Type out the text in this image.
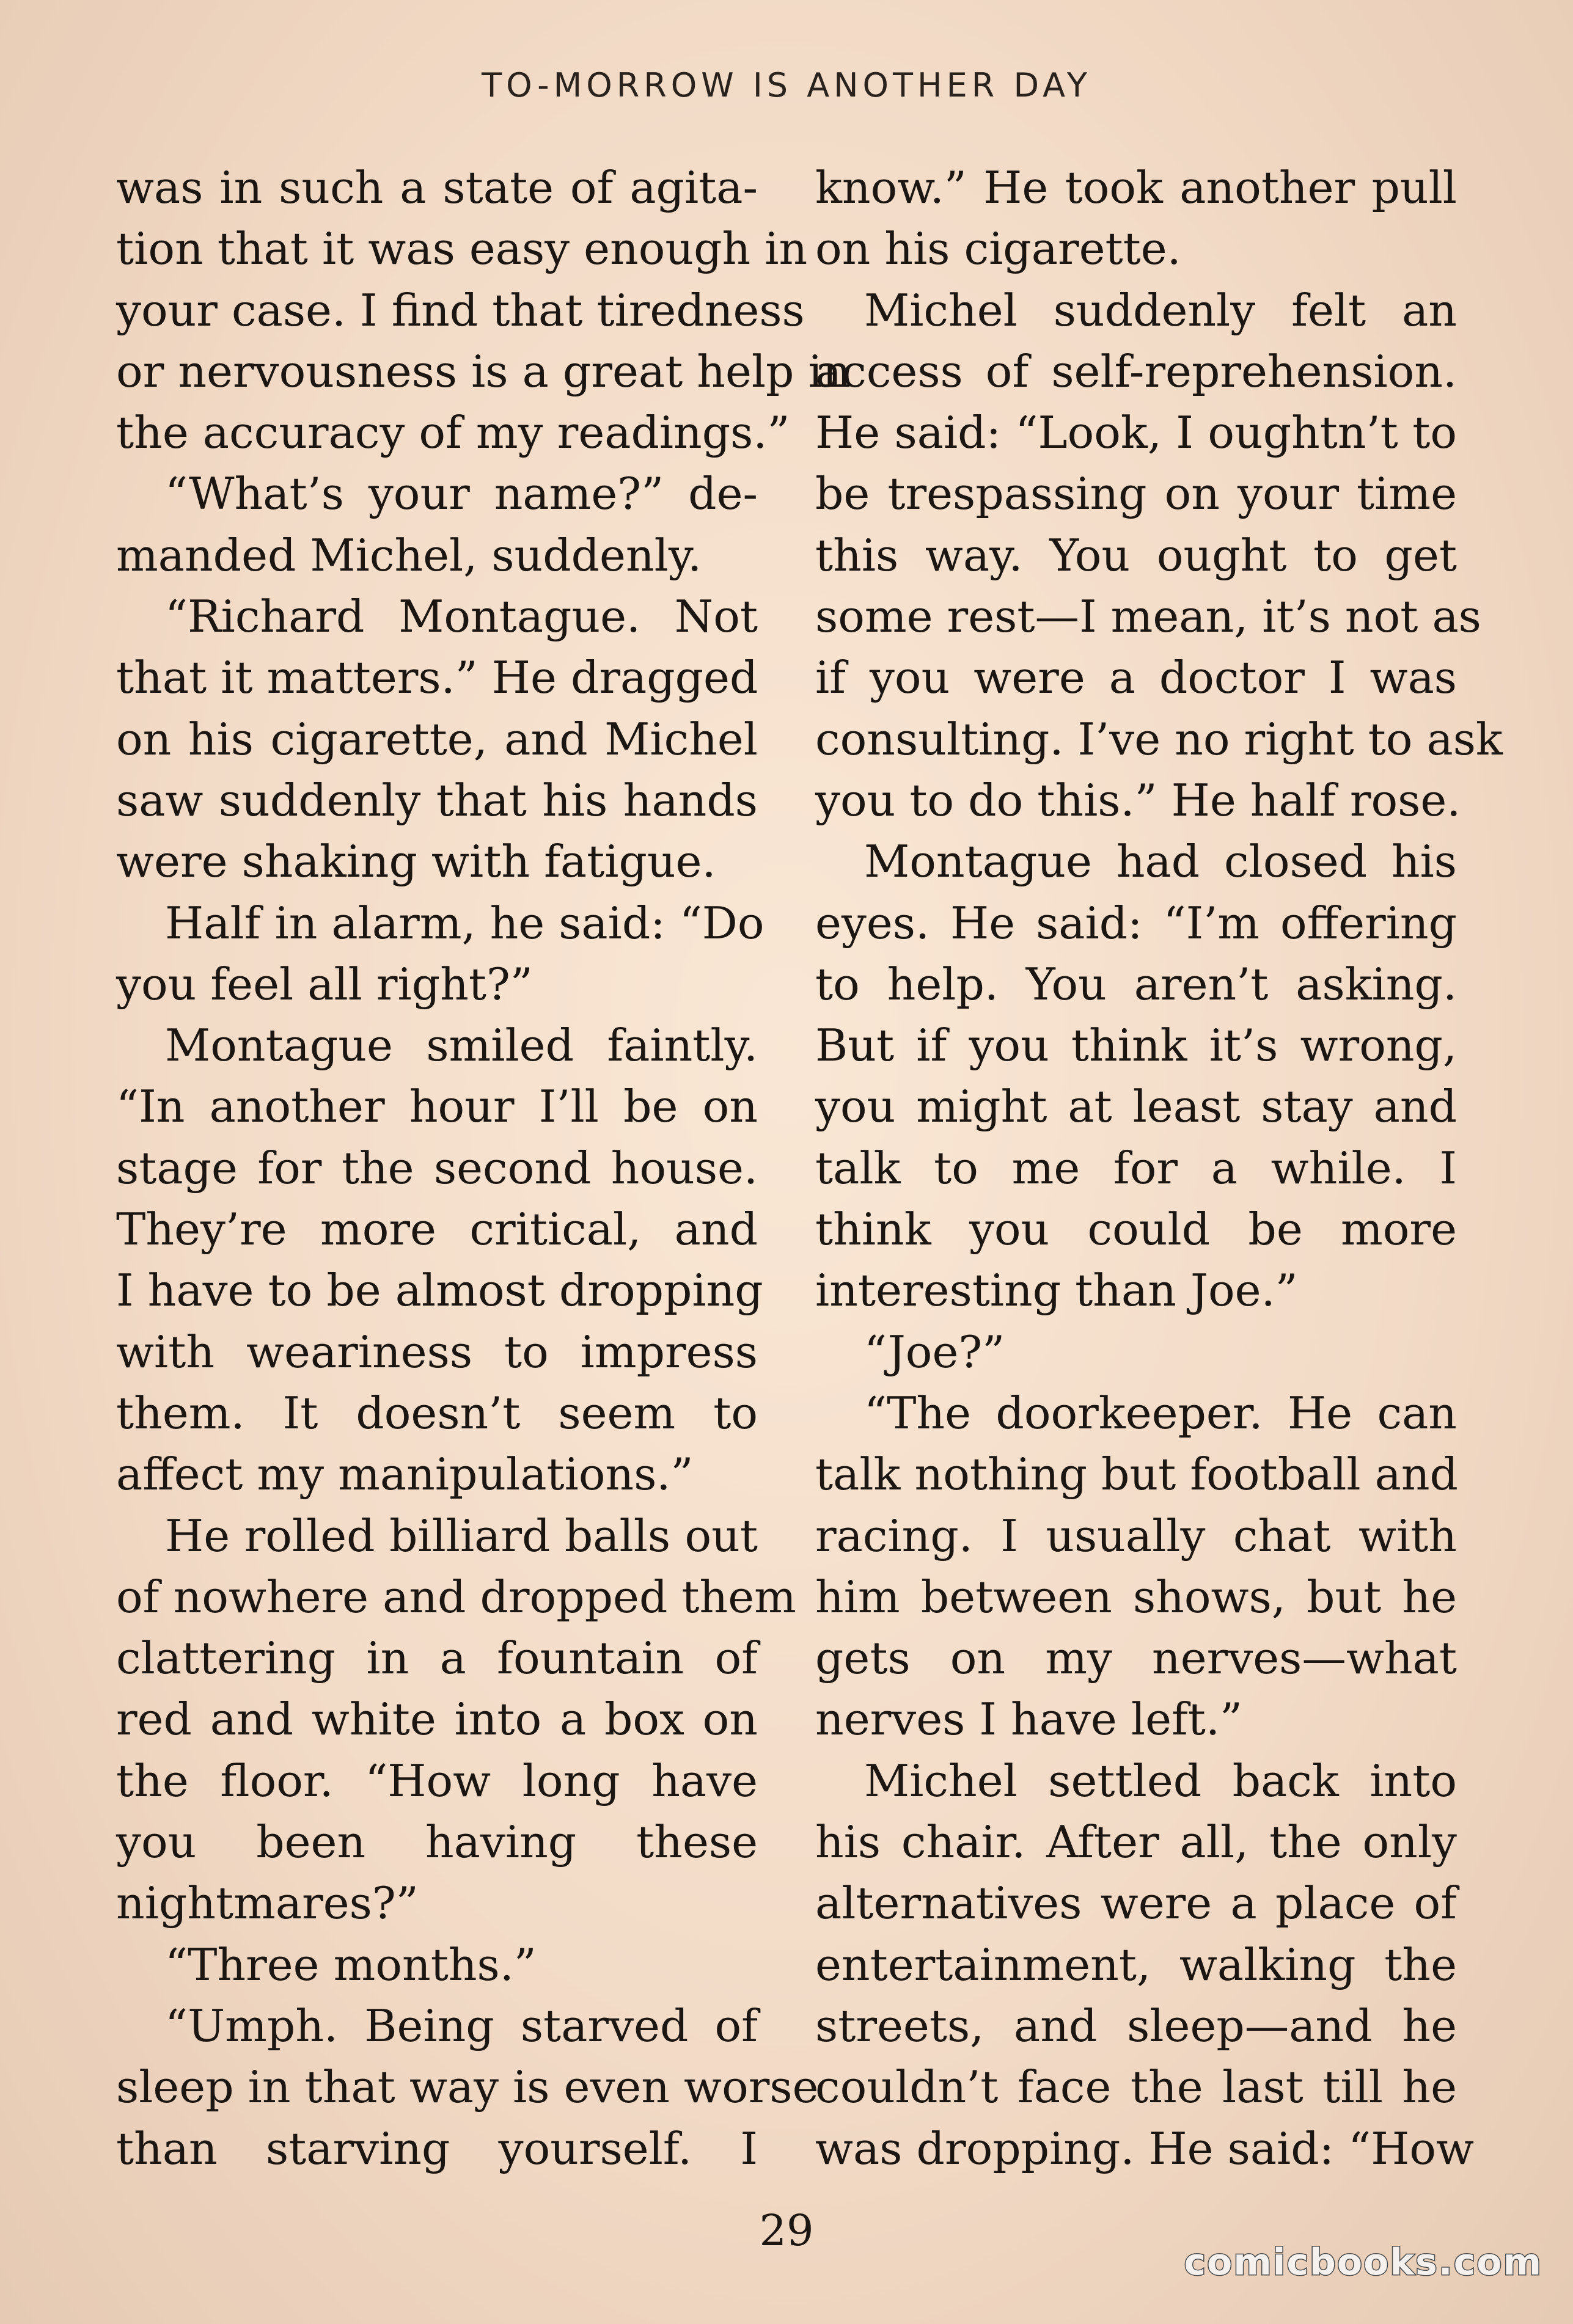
TO-MORROW IS ANOTHER DAY
was in such a state of agita-
tion that it was easy enough in
your case. I find that tiredness
or nervousness is a great help in
the accuracy of my readings.”
“What’s your name?” de-
manded Michel, suddenly.
“Richard Montague. Not
that it matters.” He dragged
on his cigarette, and Michel
saw suddenly that his hands
were shaking with fatigue.
Half in alarm, he said: “Do
you feel all right?”
Montague smiled faintly.
“In another hour I’ll be on
stage for the second house.
They’re more critical, and
I have to be almost dropping
with weariness to impress
them. It doesn’t seem to
affect my manipulations.”
He rolled billiard balls out
of nowhere and dropped them
clattering in a fountain of
red and white into a box on
the floor. “How long have
you been having these
nightmares?”
“Three months.”
“Umph. Being starved of
sleep in that way is even worse
than starving yourself. I
know.” He took another pull
on his cigarette.
Michel suddenly felt an
access of self-reprehension.
He said: “Look, I oughtn’t to
be trespassing on your time
this way. You ought to get
some rest—I mean, it’s not as
if you were a doctor I was
consulting. I’ve no right to ask
you to do this.” He half rose.
Montague had closed his
eyes. He said: “I’m offering
to help. You aren’t asking.
But if you think it’s wrong,
you might at least stay and
talk to me for a while. I
think you could be more
interesting than Joe.”
“Joe?”
“The doorkeeper. He can
talk nothing but football and
racing. I usually chat with
him between shows, but he
gets on my nerves—what
nerves I have left.”
Michel settled back into
his chair. After all, the only
alternatives were a place of
entertainment, walking the
streets, and sleep—and he
couldn’t face the last till he
was dropping. He said: “How
29
comicbooks.com
